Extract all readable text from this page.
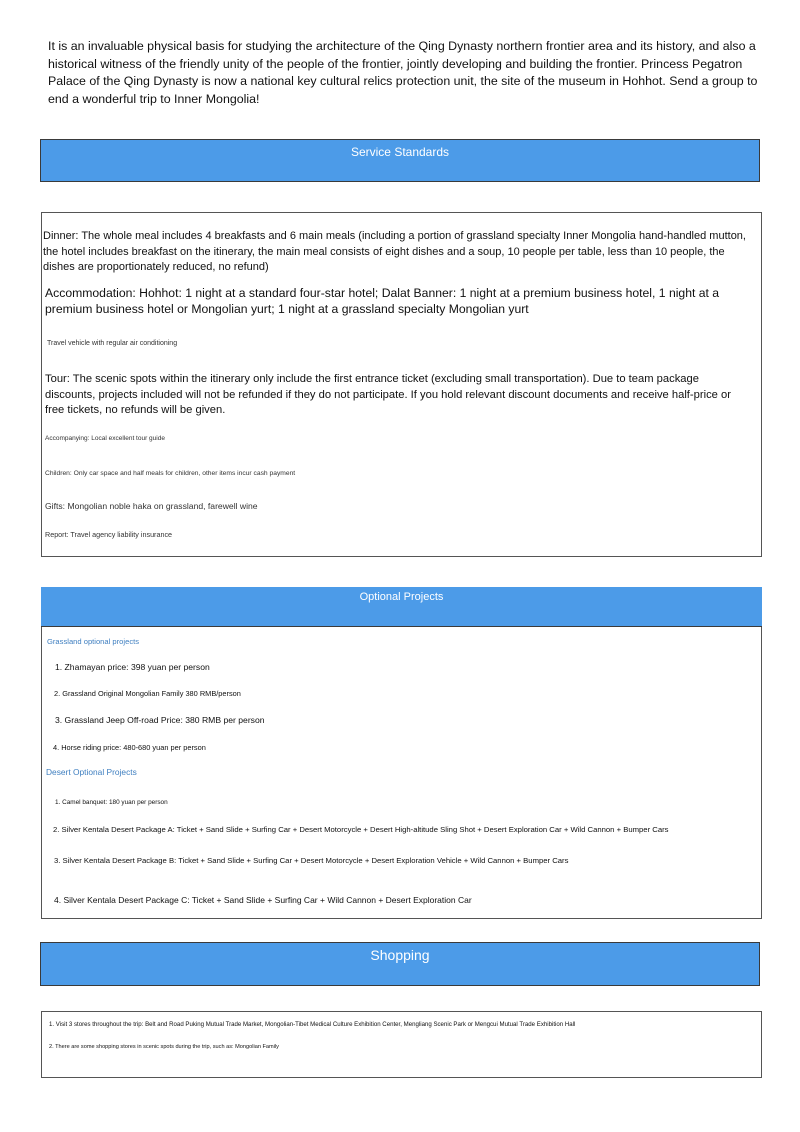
It is an invaluable physical basis for studying the architecture of the Qing Dynasty northern frontier area and its history, and also a historical witness of the friendly unity of the people of the frontier, jointly developing and building the frontier. Princess Pegatron Palace of the Qing Dynasty is now a national key cultural relics protection unit, the site of the museum in Hohhot. Send a group to end a wonderful trip to Inner Mongolia!
Service Standards
Dinner: The whole meal includes 4 breakfasts and 6 main meals (including a portion of grassland specialty Inner Mongolia hand-handled mutton, the hotel includes breakfast on the itinerary, the main meal consists of eight dishes and a soup, 10 people per table, less than 10 people, the dishes are proportionately reduced, no refund)
Accommodation: Hohhot: 1 night at a standard four-star hotel; Dalat Banner: 1 night at a premium business hotel, 1 night at a premium business hotel or Mongolian yurt; 1 night at a grassland specialty Mongolian yurt
Travel vehicle with regular air conditioning
Tour: The scenic spots within the itinerary only include the first entrance ticket (excluding small transportation). Due to team package discounts, projects included will not be refunded if they do not participate. If you hold relevant discount documents and receive half-price or free tickets, no refunds will be given.
Accompanying: Local excellent tour guide
Children: Only car space and half meals for children, other items incur cash payment
Gifts: Mongolian noble haka on grassland, farewell wine
Report: Travel agency liability insurance
Optional Projects
Grassland optional projects
1. Zhamayan price: 398 yuan per person
2. Grassland Original Mongolian Family 380 RMB/person
3. Grassland Jeep Off-road Price: 380 RMB per person
4. Horse riding price: 480-680 yuan per person
Desert Optional Projects
1. Camel banquet: 180 yuan per person
2. Silver Kentala Desert Package A: Ticket + Sand Slide + Surfing Car + Desert Motorcycle + Desert High-altitude Sling Shot + Desert Exploration Car + Wild Cannon + Bumper Cars
3. Silver Kentala Desert Package B: Ticket + Sand Slide + Surfing Car + Desert Motorcycle + Desert Exploration Vehicle + Wild Cannon + Bumper Cars
4. Silver Kentala Desert Package C: Ticket + Sand Slide + Surfing Car + Wild Cannon + Desert Exploration Car
Shopping
1. Visit 3 stores throughout the trip: Belt and Road Puking Mutual Trade Market, Mongolian-Tibet Medical Culture Exhibition Center, Mengliang Scenic Park or Mengcui Mutual Trade Exhibition Hall
2. There are some shopping stores in scenic spots during the trip, such as: Mongolian Family
